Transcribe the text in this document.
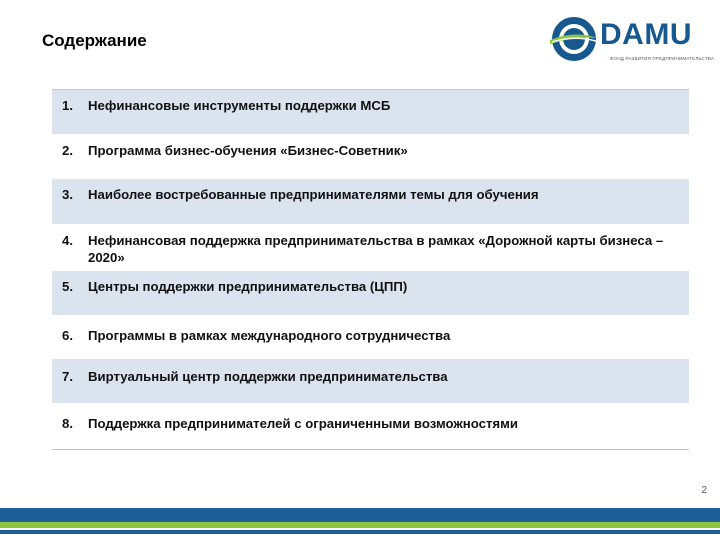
Содержание	DAMU
ФОНД РАЗВИТИЯ ПРЕДПРИНИМАТЕЛЬСТВА
1. Нефинансовые инструменты поддержки МСБ
2. Программа бизнес-обучения «Бизнес-Советник»
3. Наиболее востребованные предпринимателями темы для обучения
4. Нефинансовая поддержка предпринимательства в рамках «Дорожной карты бизнеса – 2020»
5. Центры поддержки предпринимательства (ЦПП)
6. Программы в рамках международного сотрудничества
7. Виртуальный центр поддержки предпринимательства
8. Поддержка предпринимателей с ограниченными возможностями
2
